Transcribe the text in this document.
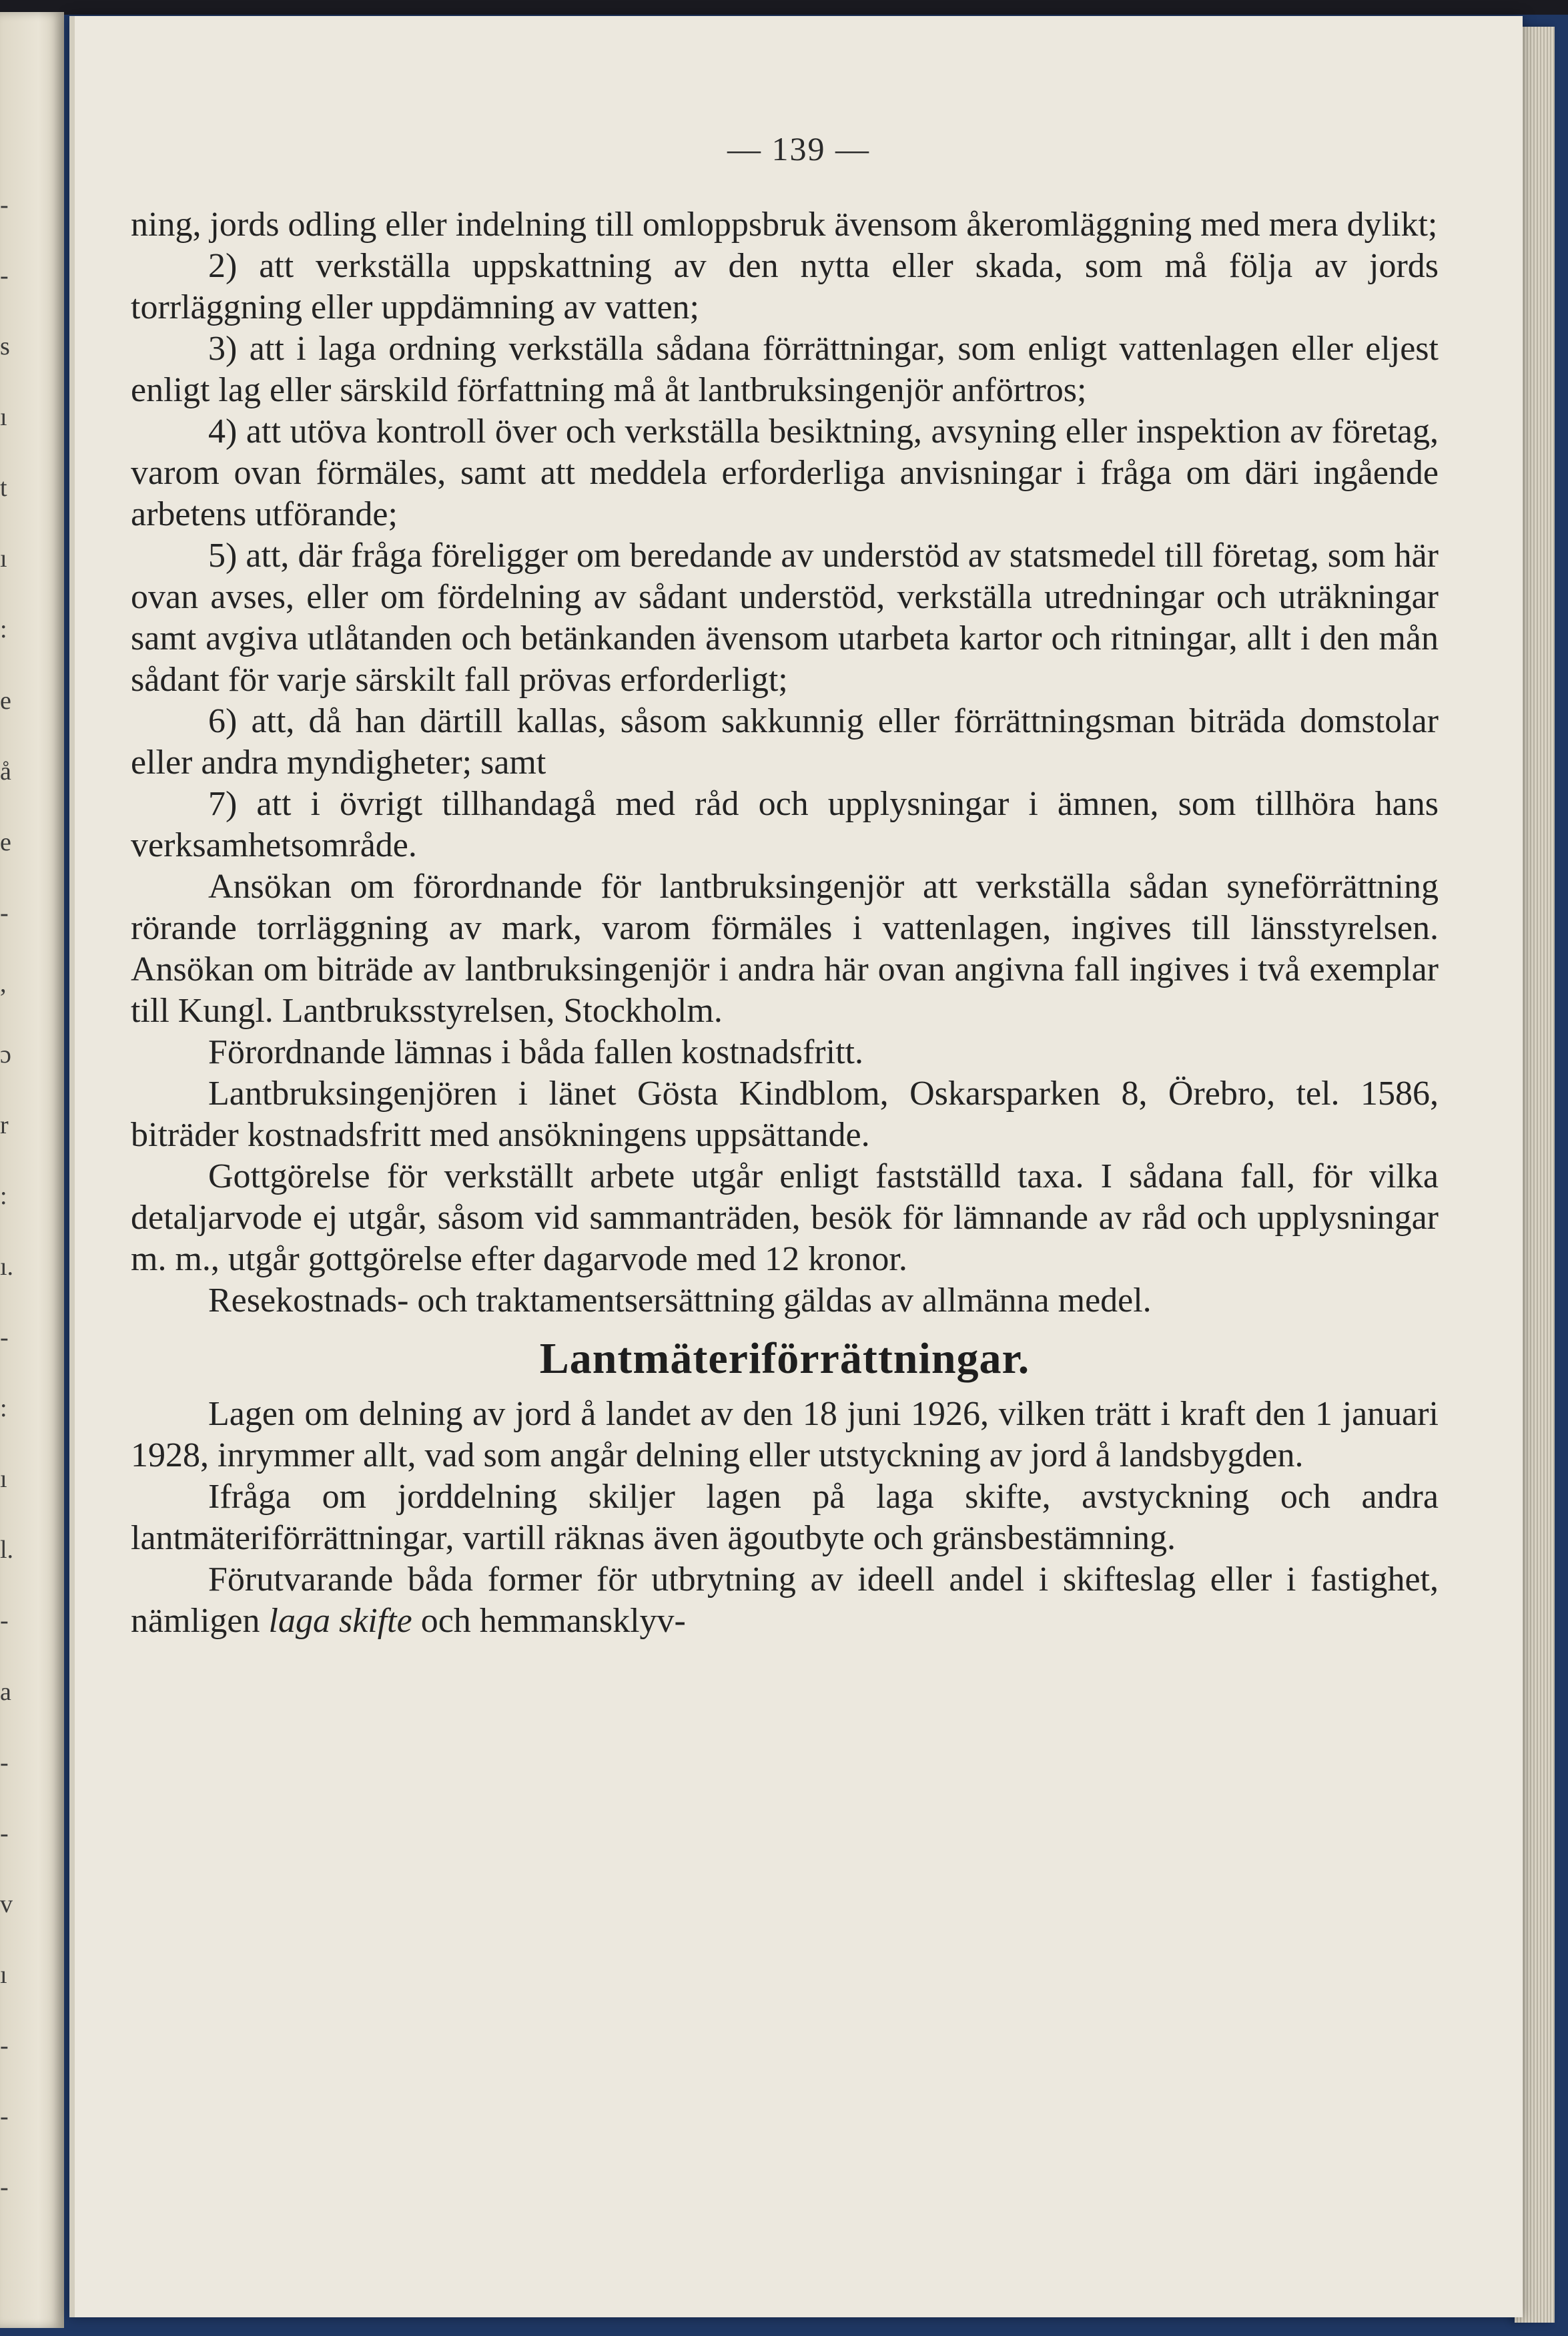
-
-
s
ı
t
ı
:
e
å
e
-
,
ɔ
r
:
ı.
-
:
ı
l.
-
a
-
-
v
ı
-
-
-
— 139 —

ning, jords odling eller indelning till omloppsbruk ävensom åkeromläggning med mera dylikt;

2) att verkställa uppskattning av den nytta eller skada, som må följa av jords torrläggning eller uppdämning av vatten;

3) att i laga ordning verkställa sådana förrättningar, som enligt vattenlagen eller eljest enligt lag eller särskild författning må åt lantbruksingenjör anförtros;

4) att utöva kontroll över och verkställa besiktning, avsyning eller inspektion av företag, varom ovan förmäles, samt att meddela erforderliga anvisningar i fråga om däri ingående arbetens utförande;

5) att, där fråga föreligger om beredande av understöd av statsmedel till företag, som här ovan avses, eller om fördelning av sådant understöd, verkställa utredningar och uträkningar samt avgiva utlåtanden och betänkanden ävensom utarbeta kartor och ritningar, allt i den mån sådant för varje särskilt fall prövas erforderligt;

6) att, då han därtill kallas, såsom sakkunnig eller förrättningsman biträda domstolar eller andra myndigheter; samt

7) att i övrigt tillhandagå med råd och upplysningar i ämnen, som tillhöra hans verksamhetsområde.

Ansökan om förordnande för lantbruksingenjör att verkställa sådan syneförrättning rörande torrläggning av mark, varom förmäles i vattenlagen, ingives till länsstyrelsen. Ansökan om biträde av lantbruksingenjör i andra här ovan angivna fall ingives i två exemplar till Kungl. Lantbruksstyrelsen, Stockholm.

Förordnande lämnas i båda fallen kostnadsfritt.

Lantbruksingenjören i länet Gösta Kindblom, Oskarsparken 8, Örebro, tel. 1586, biträder kostnadsfritt med ansökningens uppsättande.

Gottgörelse för verkställt arbete utgår enligt fastställd taxa. I sådana fall, för vilka detaljarvode ej utgår, såsom vid sammanträden, besök för lämnande av råd och upplysningar m. m., utgår gottgörelse efter dagarvode med 12 kronor.

Resekostnads- och traktamentsersättning gäldas av allmänna medel.

Lantmäteriförrättningar.

Lagen om delning av jord å landet av den 18 juni 1926, vilken trätt i kraft den 1 januari 1928, inrymmer allt, vad som angår delning eller utstyckning av jord å landsbygden.

Ifråga om jorddelning skiljer lagen på laga skifte, avstyckning och andra lantmäteriförrättningar, vartill räknas även ägoutbyte och gränsbestämning.

Förutvarande båda former för utbrytning av ideell andel i skifteslag eller i fastighet, nämligen laga skifte och hemmansklyv-
